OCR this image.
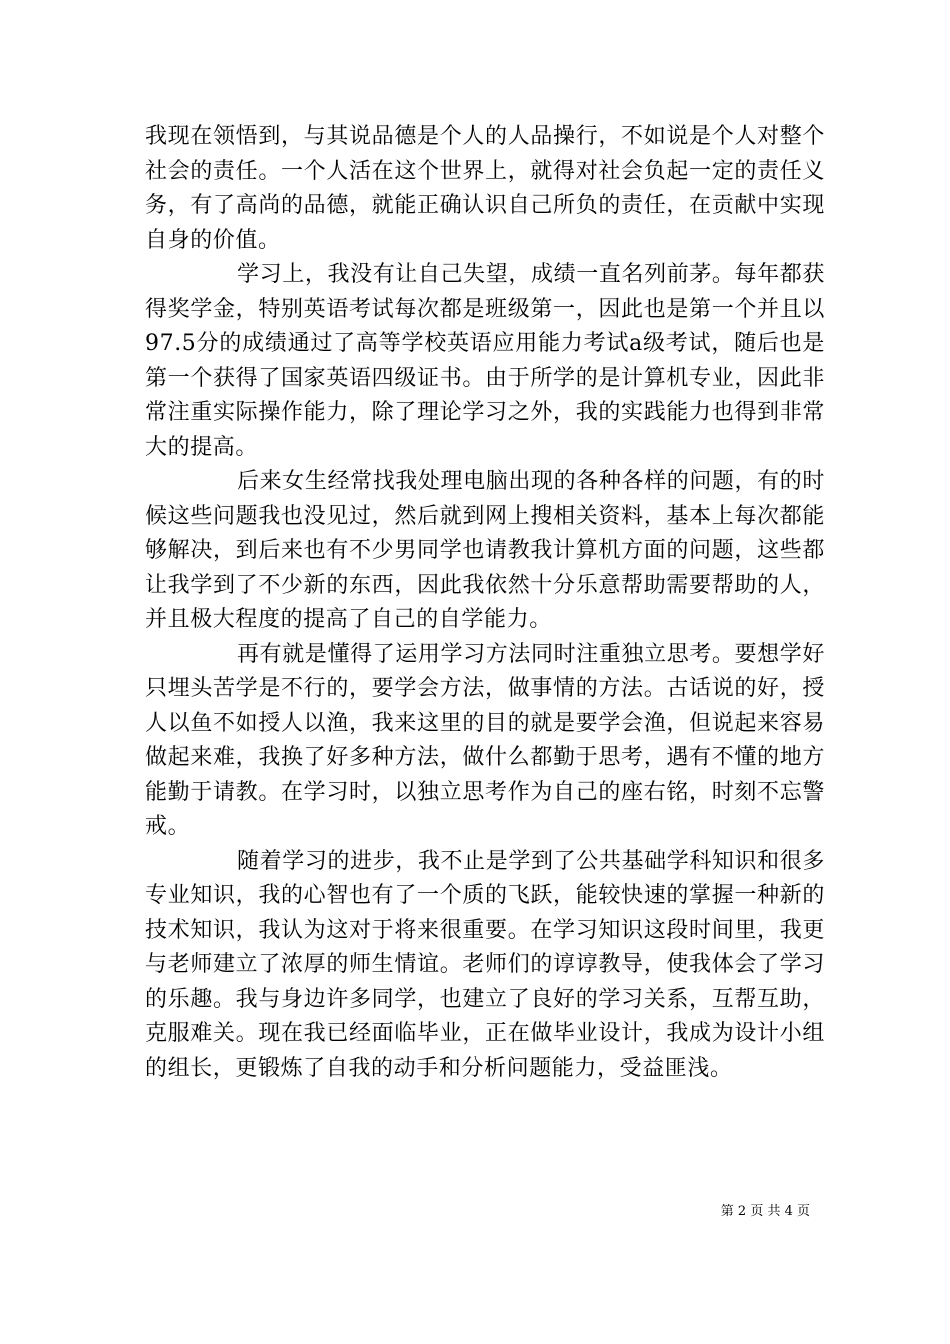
我现在领悟到，与其说品德是个人的人品操行，不如说是个人对整个社会的责任。一个人活在这个世界上，就得对社会负起一定的责任义务，有了高尚的品德，就能正确认识自己所负的责任，在贡献中实现自身的价值。

学习上，我没有让自己失望，成绩一直名列前茅。每年都获得奖学金，特别英语考试每次都是班级第一，因此也是第一个并且以97.5分的成绩通过了高等学校英语应用能力考试a级考试，随后也是第一个获得了国家英语四级证书。由于所学的是计算机专业，因此非常注重实际操作能力，除了理论学习之外，我的实践能力也得到非常大的提高。

后来女生经常找我处理电脑出现的各种各样的问题，有的时候这些问题我也没见过，然后就到网上搜相关资料，基本上每次都能够解决，到后来也有不少男同学也请教我计算机方面的问题，这些都让我学到了不少新的东西，因此我依然十分乐意帮助需要帮助的人，并且极大程度的提高了自己的自学能力。

再有就是懂得了运用学习方法同时注重独立思考。要想学好只埋头苦学是不行的，要学会方法，做事情的方法。古话说的好，授人以鱼不如授人以渔，我来这里的目的就是要学会渔，但说起来容易做起来难，我换了好多种方法，做什么都勤于思考，遇有不懂的地方能勤于请教。在学习时，以独立思考作为自己的座右铭，时刻不忘警戒。

随着学习的进步，我不止是学到了公共基础学科知识和很多专业知识，我的心智也有了一个质的飞跃，能较快速的掌握一种新的技术知识，我认为这对于将来很重要。在学习知识这段时间里，我更与老师建立了浓厚的师生情谊。老师们的谆谆教导，使我体会了学习的乐趣。我与身边许多同学，也建立了良好的学习关系，互帮互助，克服难关。现在我已经面临毕业，正在做毕业设计，我成为设计小组的组长，更锻炼了自我的动手和分析问题能力，受益匪浅。

第 2 页 共 4 页
